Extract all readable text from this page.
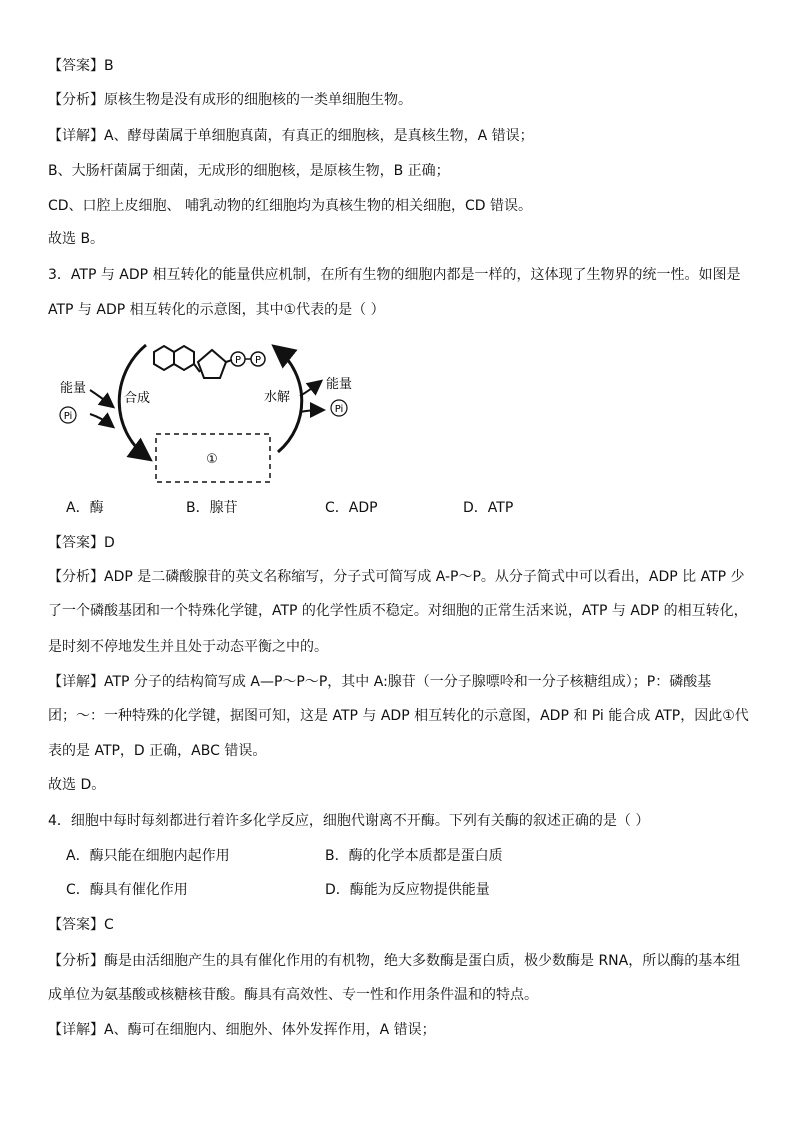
【答案】B
【分析】原核生物是没有成形的细胞核的一类单细胞生物。
【详解】A、酵母菌属于单细胞真菌，有真正的细胞核，是真核生物，A 错误；
B、大肠杆菌属于细菌，无成形的细胞核，是原核生物，B 正确；
CD、口腔上皮细胞、 哺乳动物的红细胞均为真核生物的相关细胞，CD 错误。
故选 B。
3．ATP 与 ADP 相互转化的能量供应机制，在所有生物的细胞内都是一样的，这体现了生物界的统一性。如图是
ATP 与 ADP 相互转化的示意图，其中①代表的是（ ）
P P
能量
Pi
合成	水解
能量
Pi
①
A．酶	B．腺苷	C．ADP	D．ATP
【答案】D
【分析】ADP 是二磷酸腺苷的英文名称缩写，分子式可简写成 A-P～P。从分子简式中可以看出，ADP 比 ATP 少
了一个磷酸基团和一个特殊化学键，ATP 的化学性质不稳定。对细胞的正常生活来说，ATP 与 ADP 的相互转化，
是时刻不停地发生并且处于动态平衡之中的。
【详解】ATP 分子的结构简写成 A—P～P～P，其中 A:腺苷（一分子腺嘌呤和一分子核糖组成）；P：磷酸基
团；～：一种特殊的化学键，据图可知，这是 ATP 与 ADP 相互转化的示意图，ADP 和 Pi 能合成 ATP，因此①代
表的是 ATP，D 正确，ABC 错误。
故选 D。
4．细胞中每时每刻都进行着许多化学反应，细胞代谢离不开酶。下列有关酶的叙述正确的是（ ）
A．酶只能在细胞内起作用	B．酶的化学本质都是蛋白质
C．酶具有催化作用	D．酶能为反应物提供能量
【答案】C
【分析】酶是由活细胞产生的具有催化作用的有机物，绝大多数酶是蛋白质，极少数酶是 RNA，所以酶的基本组
成单位为氨基酸或核糖核苷酸。酶具有高效性、专一性和作用条件温和的特点。
【详解】A、酶可在细胞内、细胞外、体外发挥作用，A 错误；
